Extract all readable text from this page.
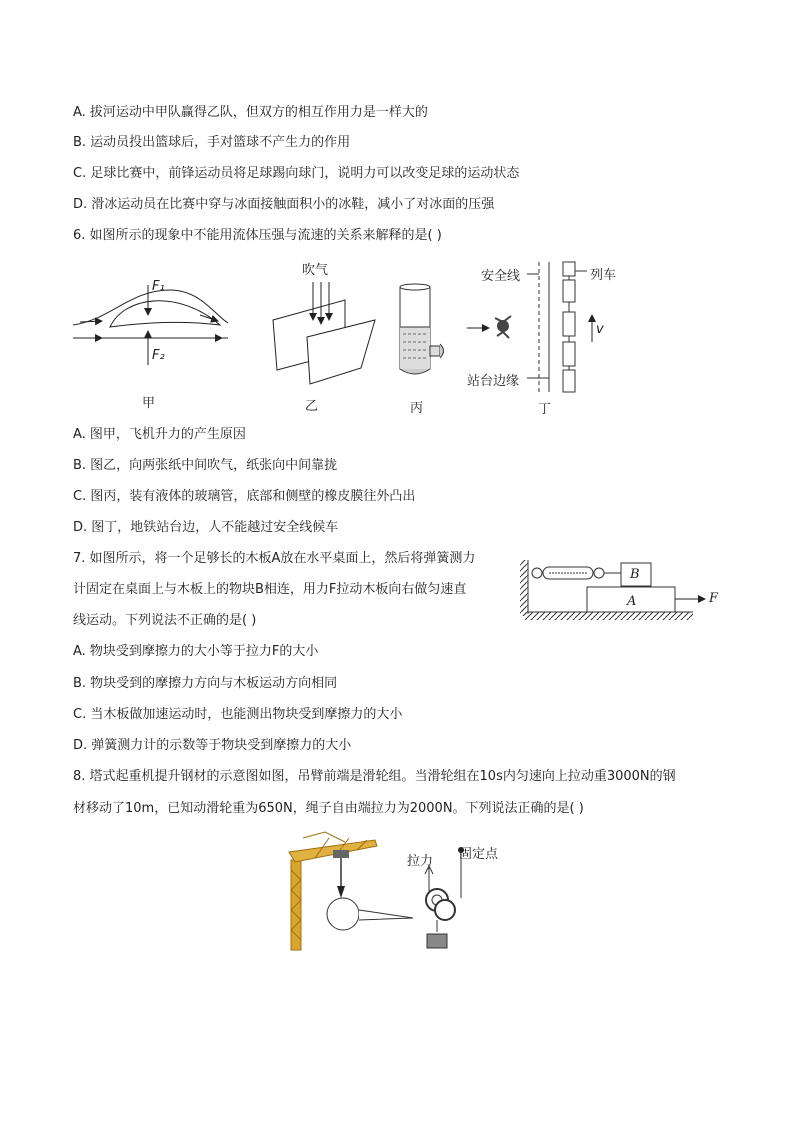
A. 拔河运动中甲队赢得乙队，但双方的相互作用力是一样大的
B. 运动员投出篮球后，手对篮球不产生力的作用
C. 足球比赛中，前锋运动员将足球踢向球门，说明力可以改变足球的运动状态
D. 滑冰运动员在比赛中穿与冰面接触面积小的冰鞋，减小了对冰面的压强
6. 如图所示的现象中不能用流体压强与流速的关系来解释的是( )
F₁
F₂
甲
吹气
乙	丙
安全线	列车
v
站台边缘
丁
A. 图甲，飞机升力的产生原因
B. 图乙，向两张纸中间吹气，纸张向中间靠拢
C. 图丙，装有液体的玻璃管，底部和侧壁的橡皮膜往外凸出
D. 图丁，地铁站台边，人不能越过安全线候车
7. 如图所示，将一个足够长的木板A放在水平桌面上，然后将弹簧测力
计固定在桌面上与木板上的物块B相连，用力F拉动木板向右做匀速直
线运动。下列说法不正确的是( )
B
A	F
A. 物块受到摩擦力的大小等于拉力F的大小
B. 物块受到的摩擦力方向与木板运动方向相同
C. 当木板做加速运动时，也能测出物块受到摩擦力的大小
D. 弹簧测力计的示数等于物块受到摩擦力的大小
8. 塔式起重机提升钢材的示意图如图，吊臂前端是滑轮组。当滑轮组在10s内匀速向上拉动重3000N的钢
材移动了10m，已知动滑轮重为650N，绳子自由端拉力为2000N。下列说法正确的是( )
拉力 固定点
